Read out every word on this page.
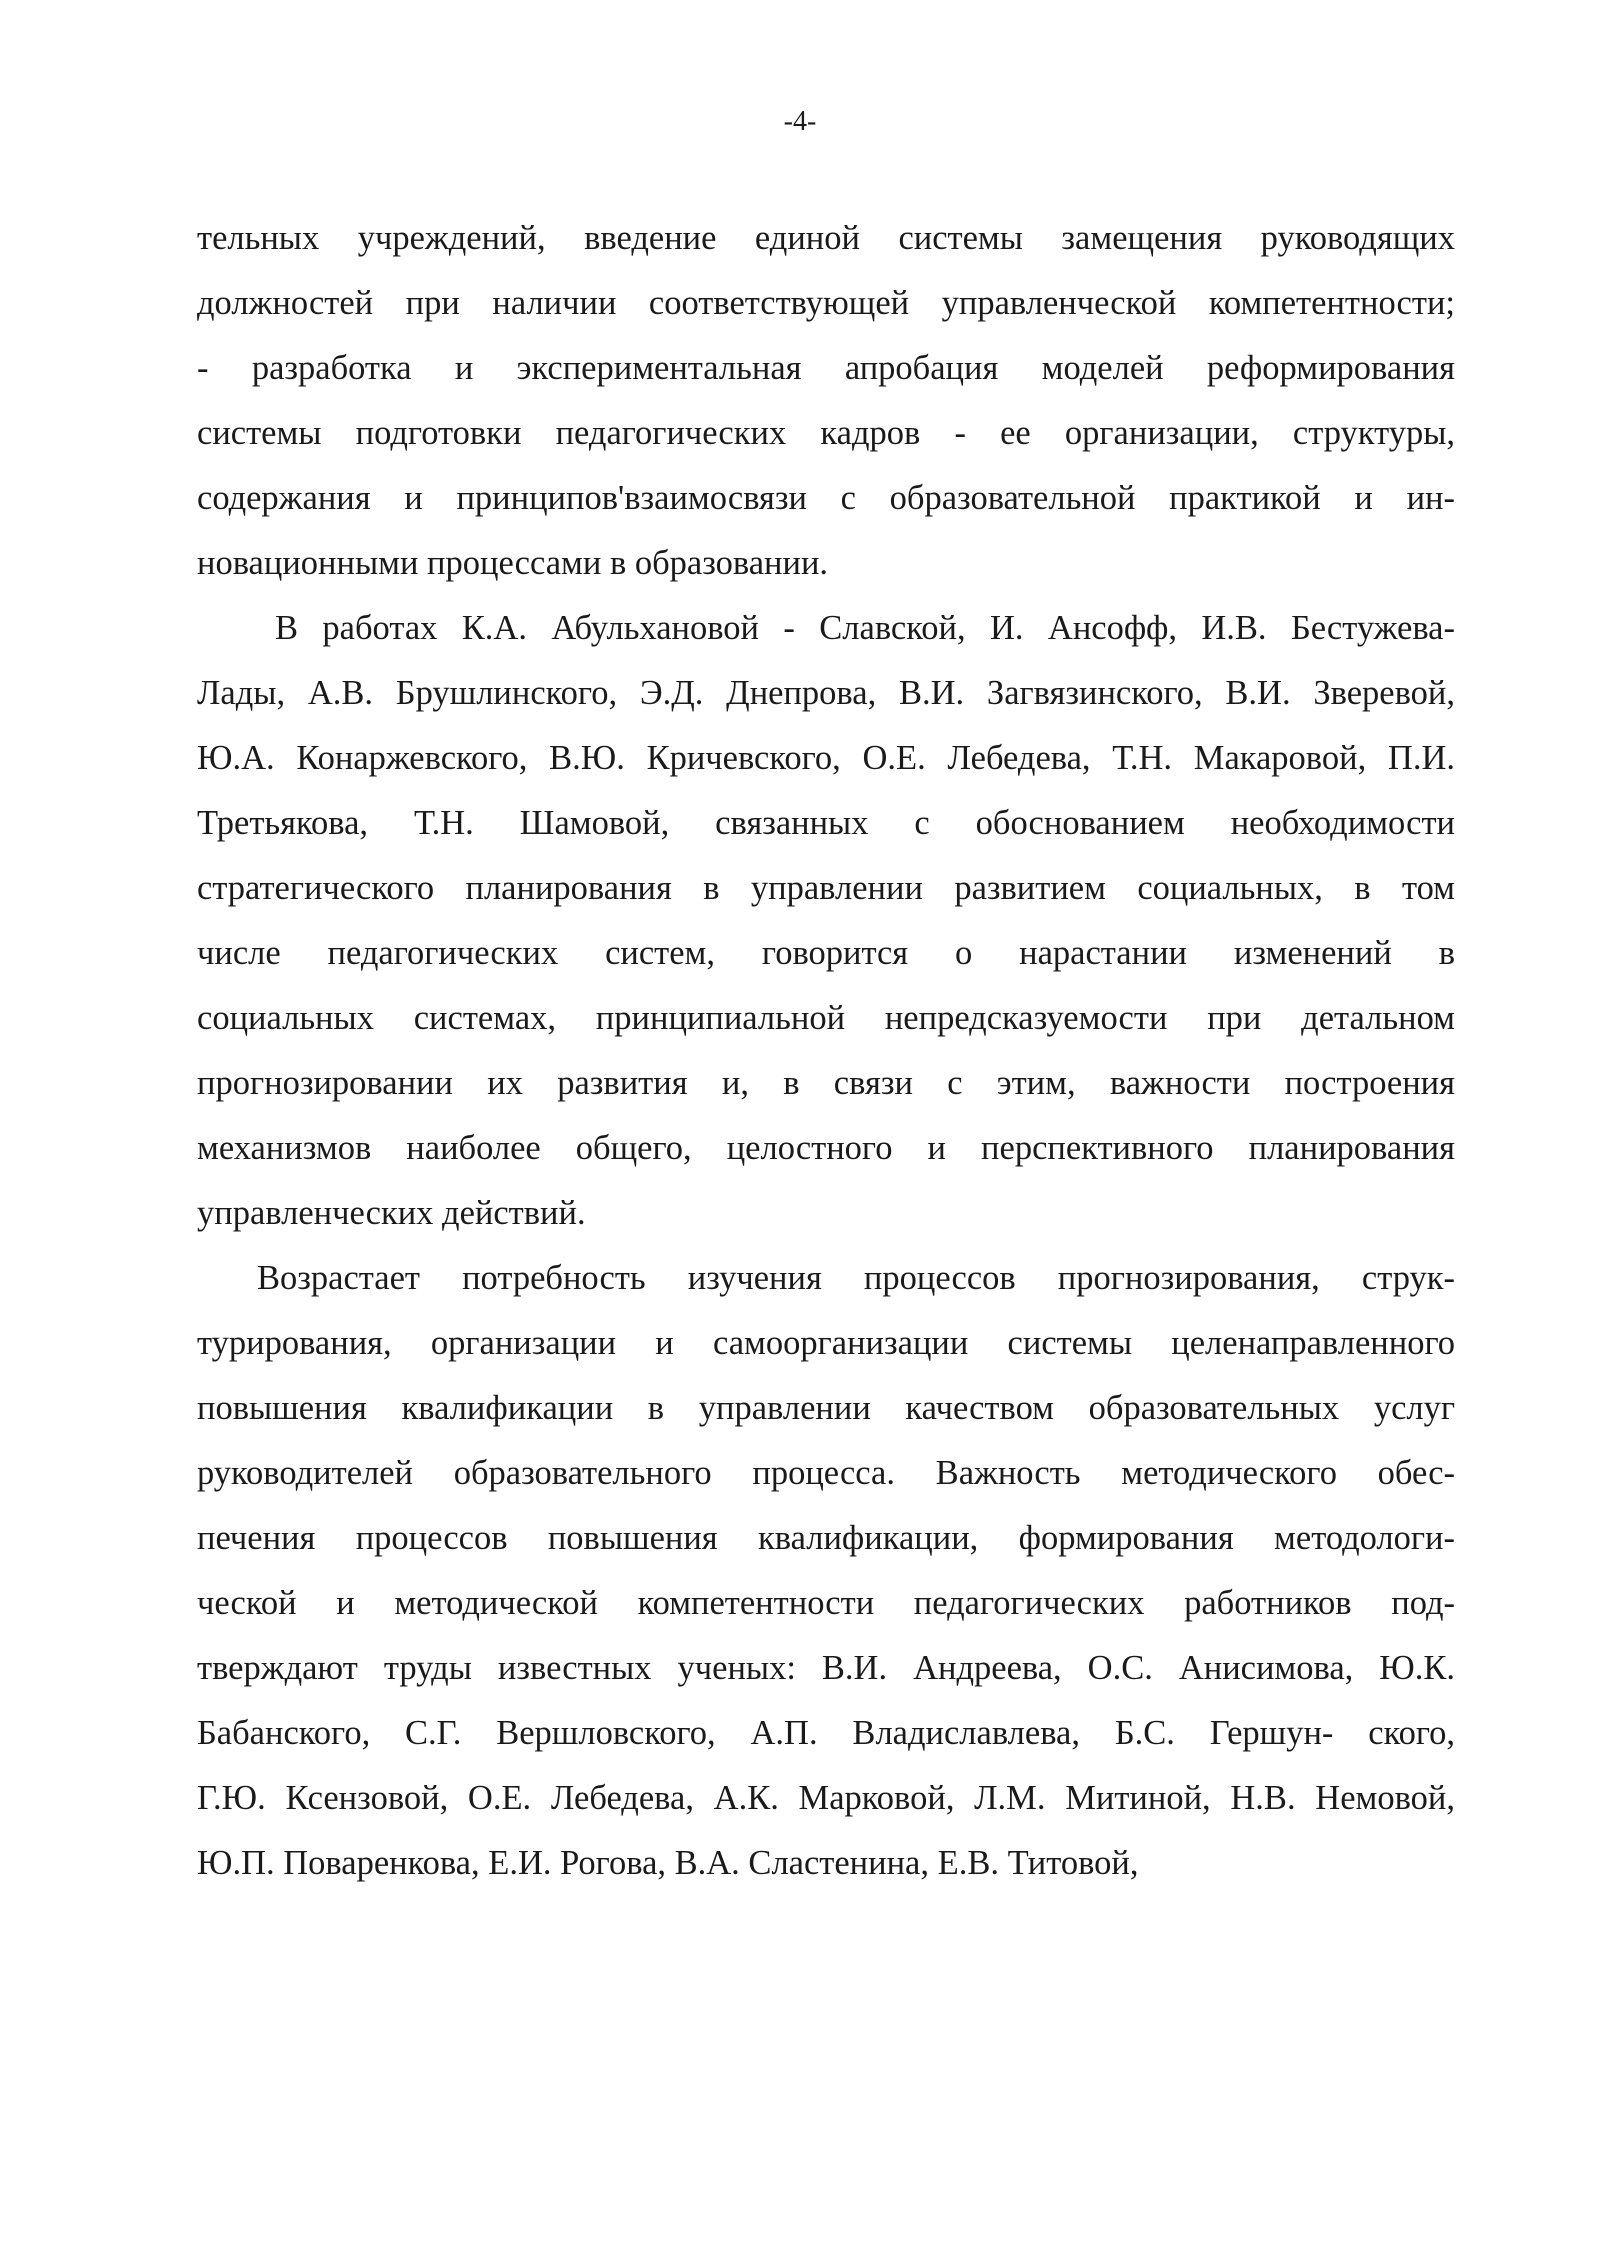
-4-
тельных учреждений, введение единой системы замещения руководящих
должностей при наличии соответствующей управленческой компетентности;
- разработка и экспериментальная апробация моделей реформирования
системы подготовки педагогических кадров - ее организации, структуры,
содержания и принципов'взаимосвязи с образовательной практикой и ин-
новационными процессами в образовании.
В работах К.А. Абульхановой - Славской, И. Ансофф, И.В. Бестужева-
Лады, А.В. Брушлинского, Э.Д. Днепрова, В.И. Загвязинского, В.И. Зверевой,
Ю.А. Конаржевского, В.Ю. Кричевского, О.Е. Лебедева, Т.Н. Макаровой, П.И.
Третьякова, Т.Н. Шамовой, связанных с обоснованием необходимости
стратегического планирования в управлении развитием социальных, в том
числе педагогических систем, говорится о нарастании изменений в
социальных системах, принципиальной непредсказуемости при детальном
прогнозировании их развития и, в связи с этим, важности построения
механизмов наиболее общего, целостного и перспективного планирования
управленческих действий.
Возрастает потребность изучения процессов прогнозирования, струк-
турирования, организации и самоорганизации системы целенаправленного
повышения квалификации в управлении качеством образовательных услуг
руководителей образовательного процесса. Важность методического обес-
печения процессов повышения квалификации, формирования методологи-
ческой и методической компетентности педагогических работников под-
тверждают труды известных ученых: В.И. Андреева, О.С. Анисимова, Ю.К.
Бабанского, С.Г. Вершловского, А.П. Владиславлева, Б.С. Гершун- ского,
Г.Ю. Ксензовой, О.Е. Лебедева, А.К. Марковой, Л.М. Митиной, Н.В. Немовой,
Ю.П. Поваренкова, Е.И. Рогова, В.А. Сластенина, Е.В. Титовой,
